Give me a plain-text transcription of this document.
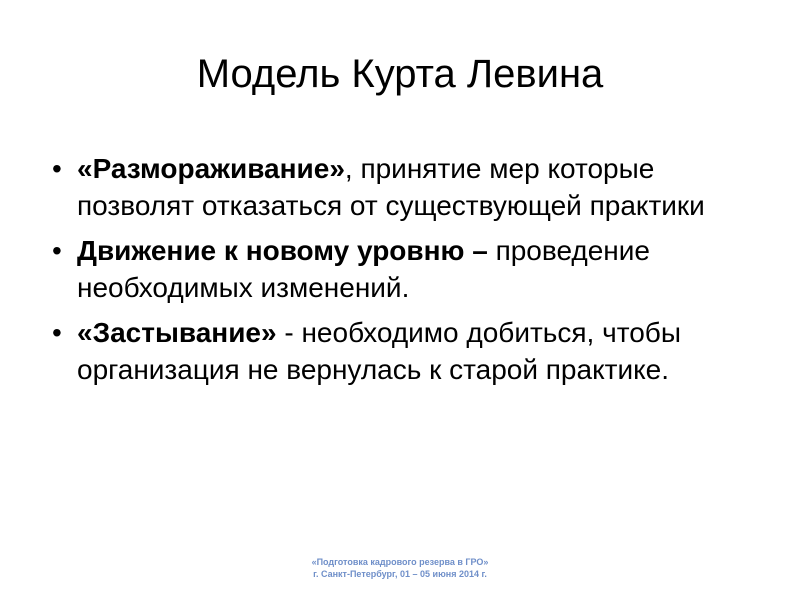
Модель Курта Левина
• «Размораживание», принятие мер которые позволят отказаться от существующей практики
• Движение к новому уровню – проведение необходимых изменений.
• «Застывание» - необходимо добиться, чтобы организация не вернулась к старой практике.
«Подготовка кадрового резерва в ГРО»
г. Санкт-Петербург, 01 – 05 июня 2014 г.
